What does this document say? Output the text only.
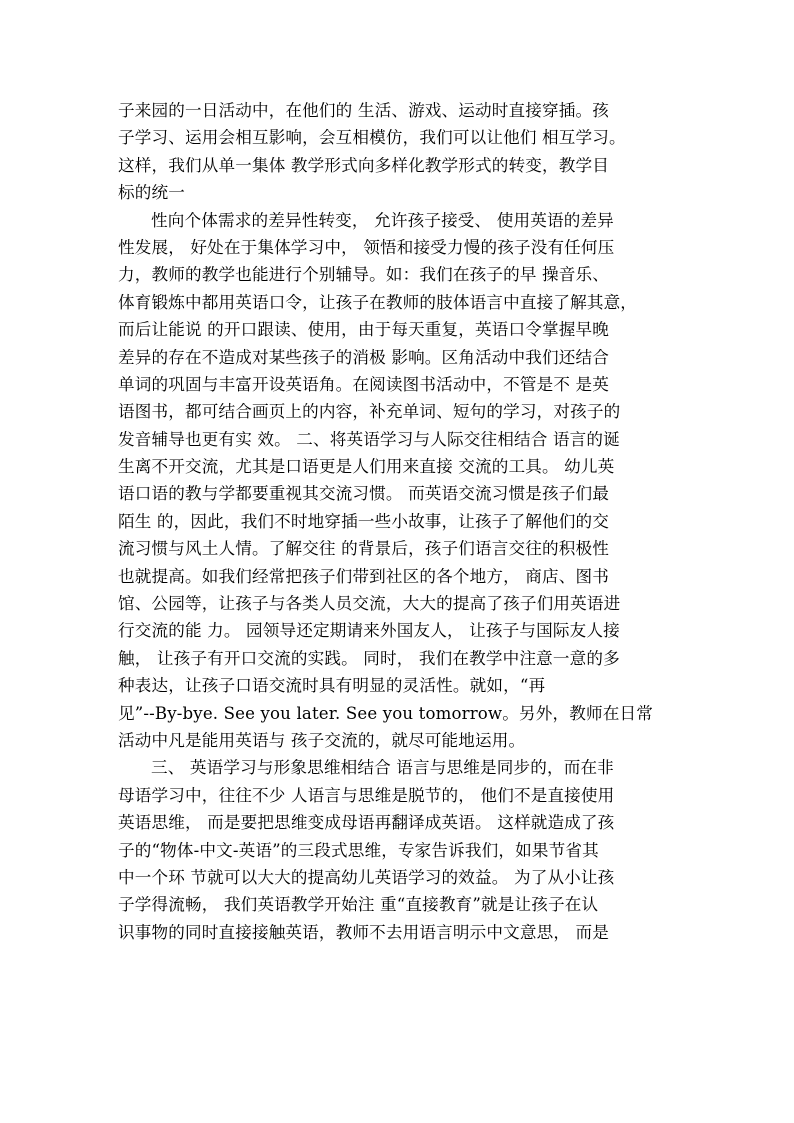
子来园的一日活动中，在他们的 生活、游戏、运动时直接穿插。孩
子学习、运用会相互影响，会互相模仿，我们可以让他们 相互学习。
这样，我们从单一集体 教学形式向多样化教学形式的转变，教学目
标的统一
性向个体需求的差异性转变， 允许孩子接受、 使用英语的差异
性发展， 好处在于集体学习中， 领悟和接受力慢的孩子没有任何压
力，教师的教学也能进行个别辅导。如：我们在孩子的早 操音乐、
体育锻炼中都用英语口令，让孩子在教师的肢体语言中直接了解其意，
而后让能说 的开口跟读、使用，由于每天重复，英语口令掌握早晚
差异的存在不造成对某些孩子的消极 影响。区角活动中我们还结合
单词的巩固与丰富开设英语角。在阅读图书活动中，不管是不 是英
语图书，都可结合画页上的内容，补充单词、短句的学习，对孩子的
发音辅导也更有实 效。 二、将英语学习与人际交往相结合 语言的诞
生离不开交流，尤其是口语更是人们用来直接 交流的工具。 幼儿英
语口语的教与学都要重视其交流习惯。 而英语交流习惯是孩子们最
陌生 的，因此，我们不时地穿插一些小故事，让孩子了解他们的交
流习惯与风土人情。了解交往 的背景后，孩子们语言交往的积极性
也就提高。如我们经常把孩子们带到社区的各个地方， 商店、图书
馆、公园等，让孩子与各类人员交流，大大的提高了孩子们用英语进
行交流的能 力。 园领导还定期请来外国友人， 让孩子与国际友人接
触， 让孩子有开口交流的实践。 同时， 我们在教学中注意一意的多
种表达，让孩子口语交流时具有明显的灵活性。就如，“再
见”--By-bye. See you later. See you tomorrow。另外，教师在日常
活动中凡是能用英语与 孩子交流的，就尽可能地运用。
三、 英语学习与形象思维相结合 语言与思维是同步的，而在非
母语学习中，往往不少 人语言与思维是脱节的， 他们不是直接使用
英语思维， 而是要把思维变成母语再翻译成英语。 这样就造成了孩
子的“物体-中文-英语”的三段式思维，专家告诉我们，如果节省其
中一个环 节就可以大大的提高幼儿英语学习的效益。 为了从小让孩
子学得流畅， 我们英语教学开始注 重“直接教育”就是让孩子在认
识事物的同时直接接触英语，教师不去用语言明示中文意思， 而是
